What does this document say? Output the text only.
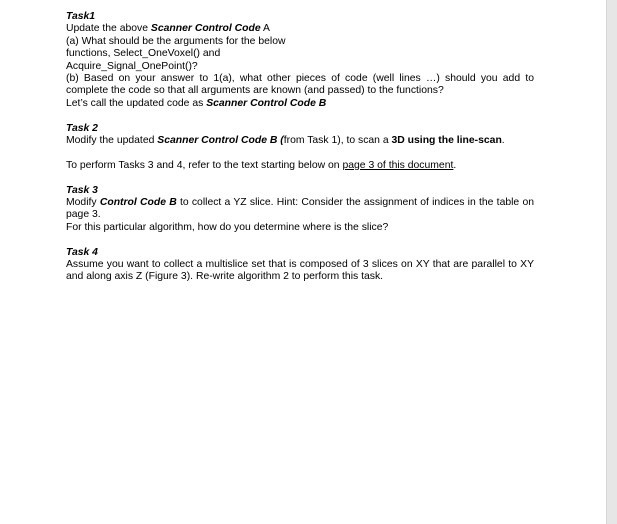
Task1
Update the above Scanner Control Code A
(a) What should be the arguments for the below
functions, Select_OneVoxel() and
Acquire_Signal_OnePoint()?
(b) Based on your answer to 1(a), what other pieces of code (well lines …) should you add to complete the code so that all arguments are known (and passed) to the functions?
Let’s call the updated code as Scanner Control Code B
Task 2
Modify the updated Scanner Control Code B (from Task 1), to scan a 3D using the line-scan.
To perform Tasks 3 and 4, refer to the text starting below on page 3 of this document.
Task 3
Modify Control Code B to collect a YZ slice. Hint: Consider the assignment of indices in the table on page 3.
For this particular algorithm, how do you determine where is the slice?
Task 4
Assume you want to collect a multislice set that is composed of 3 slices on XY that are parallel to XY and along axis Z (Figure 3). Re-write algorithm 2 to perform this task.
